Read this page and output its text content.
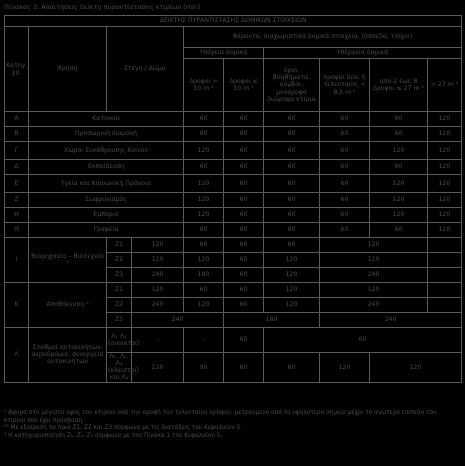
Πίνακας 3. Απαιτήσεις δείκτη πυραντίστασης κτιρίων (min)
ΔΕΙΚΤΗΣ ΠΥΡΑΝΤΙΣΤΑΣΗΣ ΔΟΜΙΚΩΝ ΣΤΟΙΧΕΙΩΝ									
Κατηγ. χρ.	Χρήση	Στέγη / Δώμα		Φέροντα, διαχωριστικά δομικά στοιχεία, (δάπεδα, τοίχοι)					
				Υπόγεια δομικά		Υπέργεια δομικά			
				όροφοι > 10 m ¹	όροφοι ≤ 10 m ¹	όροι, βοηθήματα, κόμβοι, μονόροφα διώροφα κτίρια	όροφοι δύο, ή τελευταίος < 8,5 m ²	από 2 έως 8 όροφοι ≤ 27 m ²	> 27 m ²
Α	Κατοικία			60	60	60	60	60	120
Β	Προσωρινή διαμονή			60	60	60	60	60	120
Γ	Χώροι Συνάθροισης Κοινού			120	60	60	60	120	120
Δ	Εκπαίδευση			60	60	60	60	60	120
Ε	Υγεία και Κοινωνική Πρόνοια			120	60	60	60	120	120
Ζ	Σωφρονισμός			120	60	60	60	120	120
Η	Εμπόριο			120	60	60	60	120	120
Θ	Γραφεία			60	60	60	60	60	120
Ι	Βιομηχανία – Βιοτεχνία ³	Ζ1	120	60	60	60	120		
		Ζ2	120	120	60	120	120		
		Ζ3	240	180	60	120	240		
Κ	Αποθήκευση ³	Ζ1	120	60	60	120	120		
		Ζ2	240	120	60	120	240		
		Ζ3	240		180		240		
Λ	Σταθμοί αυτοκινήτων, αεροδρόμια, συνεργεία αυτοκινήτων	Λ₁ Λ₂ (ανοικτοί)	–	–	60	60			
		Λ₁, Λ₂, Λ₃ (κλειστοί) και Λ₄	120	90	60	60	120	120	

¹ Αφορά στο μέγιστο ύψος του κτιρίου από την οροφή του τελευταίου ορόφου, μετρούμενο από το υψηλότερο σημείο μέχρι το ανώτερο επίπεδο του κτιρίου που έχει πρόσβαση.

²³ Με εξαίρεση τα όρια Ζ1, Ζ2 και Ζ3 σύμφωνα με τις διατάξεις του Κεφαλαίου 5.

³ Η κατηγοριοποίηση Ζ₁, Ζ₂, Ζ₃ σύμφωνα με τον Πίνακα 1 του Κεφαλαίου 5.
